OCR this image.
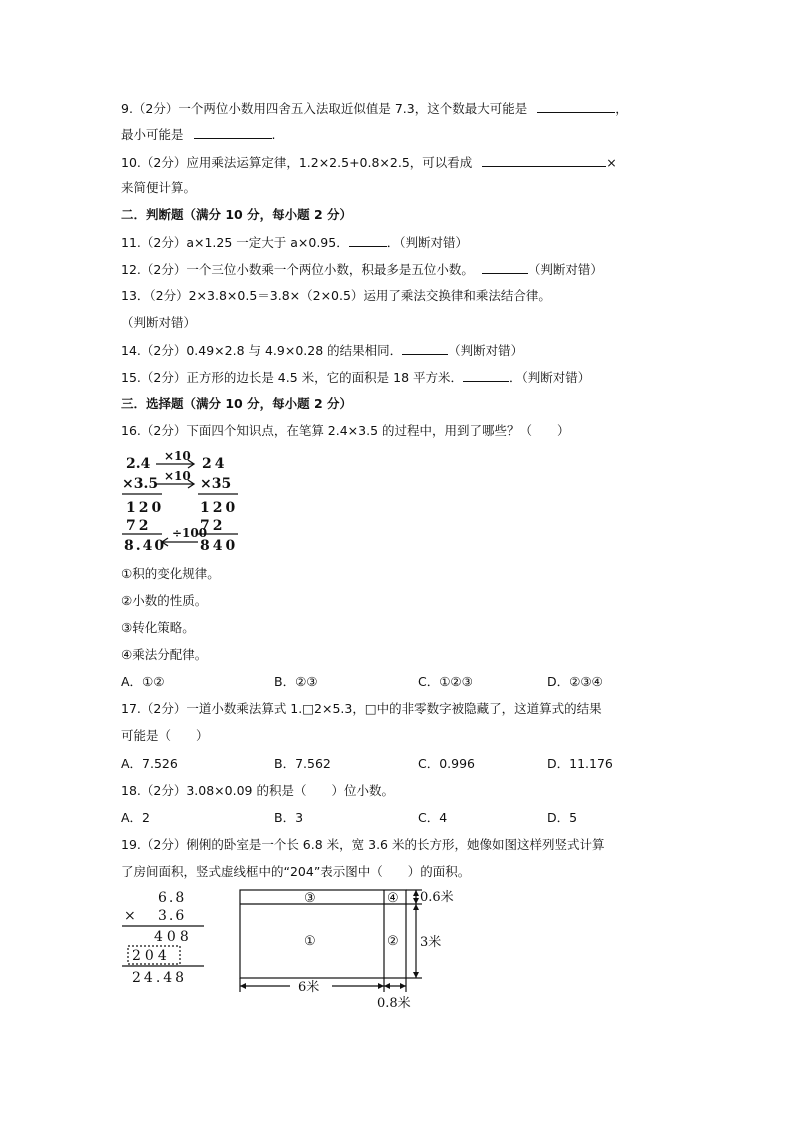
9.（2分）一个两位小数用四舍五入法取近似值是 7.3，这个数最大可能是	，
最小可能是	.
10.（2分）应用乘法运算定律，1.2×2.5+0.8×2.5，可以看成	×
来简便计算。
二．判断题（满分 10 分，每小题 2 分）
11.（2分）a×1.25 一定大于 a×0.95．	．（判断对错）
12.（2分）一个三位小数乘一个两位小数，积最多是五位小数。	（判断对错）
13．（2分）2×3.8×0.5＝3.8×（2×0.5）运用了乘法交换律和乘法结合律。
（判断对错）
14.（2分）0.49×2.8 与 4.9×0.28 的结果相同．	（判断对错）
15.（2分）正方形的边长是 4.5 米，它的面积是 18 平方米．	．（判断对错）
三．选择题（满分 10 分，每小题 2 分）
16.（2分）下面四个知识点，在笔算 2.4×3.5 的过程中，用到了哪些？（　　）
2.4
×3.5
120
72
8.40
24
×35
120
72
840
×10
×10
÷100
①积的变化规律。
②小数的性质。
③转化策略。
④乘法分配律。
A．①②	B．②③	C．①②③	D．②③④
17.（2分）一道小数乘法算式 1.□2×5.3，□中的非零数字被隐藏了，这道算式的结果
可能是（　　）
A．7.526	B．7.562	C．0.996	D．11.176
18.（2分）3.08×0.09 的积是（　　）位小数。
A．2	B．3	C．4	D．5
19.（2分）俐俐的卧室是一个长 6.8 米，宽 3.6 米的长方形，她像如图这样列竖式计算
了房间面积，竖式虚线框中的“204”表示图中（　　）的面积。
6.8
× 3.6
408
204
24.48
③	④
①	②
0.6米
3米
6米
0.8米
